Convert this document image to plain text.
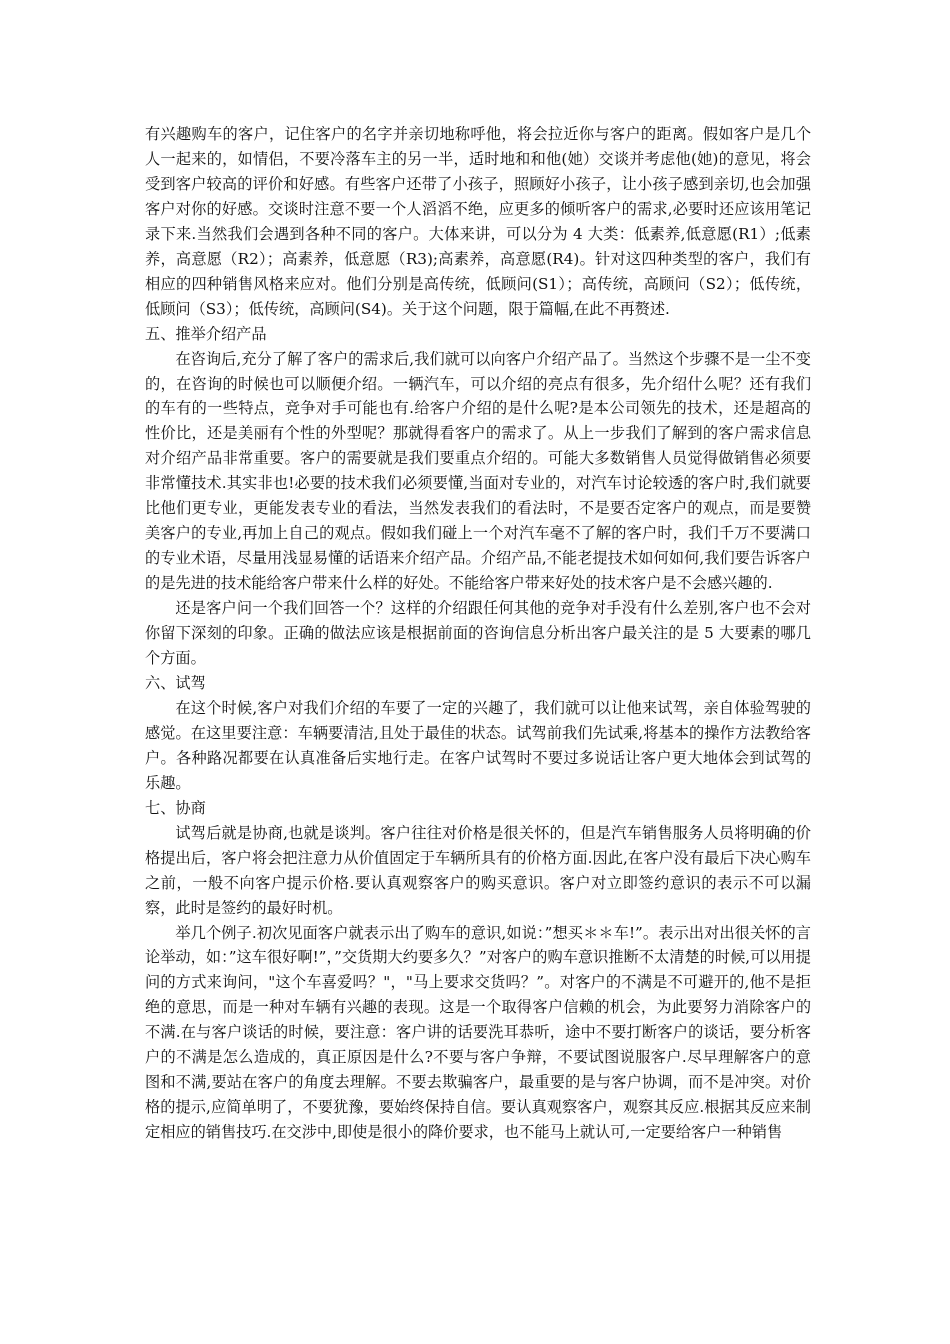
有兴趣购车的客户，记住客户的名字并亲切地称呼他，将会拉近你与客户的距离。假如客户是几个人一起来的，如情侣，不要冷落车主的另一半，适时地和和他(她）交谈并考虑他(她)的意见，将会受到客户较高的评价和好感。有些客户还带了小孩子，照顾好小孩子，让小孩子感到亲切,也会加强客户对你的好感。交谈时注意不要一个人滔滔不绝，应更多的倾听客户的需求,必要时还应该用笔记录下来.当然我们会遇到各种不同的客户。大体来讲，可以分为 4 大类：低素养,低意愿(R1）;低素养，高意愿（R2）；高素养，低意愿（R3);高素养，高意愿(R4)。针对这四种类型的客户，我们有相应的四种销售风格来应对。他们分别是高传统，低顾问(S1）；高传统，高顾问（S2）；低传统，低顾问（S3）；低传统，高顾问(S4)。关于这个问题，限于篇幅,在此不再赘述.

五、推举介绍产品

在咨询后,充分了解了客户的需求后,我们就可以向客户介绍产品了。当然这个步骤不是一尘不变的，在咨询的时候也可以顺便介绍。一辆汽车，可以介绍的亮点有很多，先介绍什么呢？还有我们的车有的一些特点，竞争对手可能也有.给客户介绍的是什么呢?是本公司领先的技术，还是超高的性价比，还是美丽有个性的外型呢？那就得看客户的需求了。从上一步我们了解到的客户需求信息对介绍产品非常重要。客户的需要就是我们要重点介绍的。可能大多数销售人员觉得做销售必须要非常懂技术.其实非也!必要的技术我们必须要懂,当面对专业的，对汽车讨论较透的客户时,我们就要比他们更专业，更能发表专业的看法，当然发表我们的看法时，不是要否定客户的观点，而是要赞美客户的专业,再加上自己的观点。假如我们碰上一个对汽车毫不了解的客户时，我们千万不要满口的专业术语，尽量用浅显易懂的话语来介绍产品。介绍产品,不能老提技术如何如何,我们要告诉客户的是先进的技术能给客户带来什么样的好处。不能给客户带来好处的技术客户是不会感兴趣的.

还是客户问一个我们回答一个？这样的介绍跟任何其他的竞争对手没有什么差别,客户也不会对你留下深刻的印象。正确的做法应该是根据前面的咨询信息分析出客户最关注的是 5 大要素的哪几个方面。

六、试驾

在这个时候,客户对我们介绍的车要了一定的兴趣了，我们就可以让他来试驾，亲自体验驾驶的感觉。在这里要注意：车辆要清洁,且处于最佳的状态。试驾前我们先试乘,将基本的操作方法教给客户。各种路况都要在认真准备后实地行走。在客户试驾时不要过多说话让客户更大地体会到试驾的乐趣。

七、协商

试驾后就是协商,也就是谈判。客户往往对价格是很关怀的，但是汽车销售服务人员将明确的价格提出后，客户将会把注意力从价值固定于车辆所具有的价格方面.因此,在客户没有最后下决心购车之前，一般不向客户提示价格.要认真观察客户的购买意识。客户对立即签约意识的表示不可以漏察，此时是签约的最好时机。

举几个例子.初次见面客户就表示出了购车的意识,如说：”想买＊＊车!”。表示出对出很关怀的言论举动，如：”这车很好啊!”，”交货期大约要多久？”对客户的购车意识推断不太清楚的时候,可以用提问的方式来询问，"这个车喜爱吗？"，"马上要求交货吗？”。对客户的不满是不可避开的,他不是拒绝的意思，而是一种对车辆有兴趣的表现。这是一个取得客户信赖的机会，为此要努力消除客户的不满.在与客户谈话的时候，要注意：客户讲的话要洗耳恭听，途中不要打断客户的谈话，要分析客户的不满是怎么造成的，真正原因是什么?不要与客户争辩，不要试图说服客户.尽早理解客户的意图和不满,要站在客户的角度去理解。不要去欺骗客户，最重要的是与客户协调，而不是冲突。对价格的提示,应简单明了，不要犹豫，要始终保持自信。要认真观察客户，观察其反应.根据其反应来制定相应的销售技巧.在交涉中,即使是很小的降价要求，也不能马上就认可,一定要给客户一种销售
